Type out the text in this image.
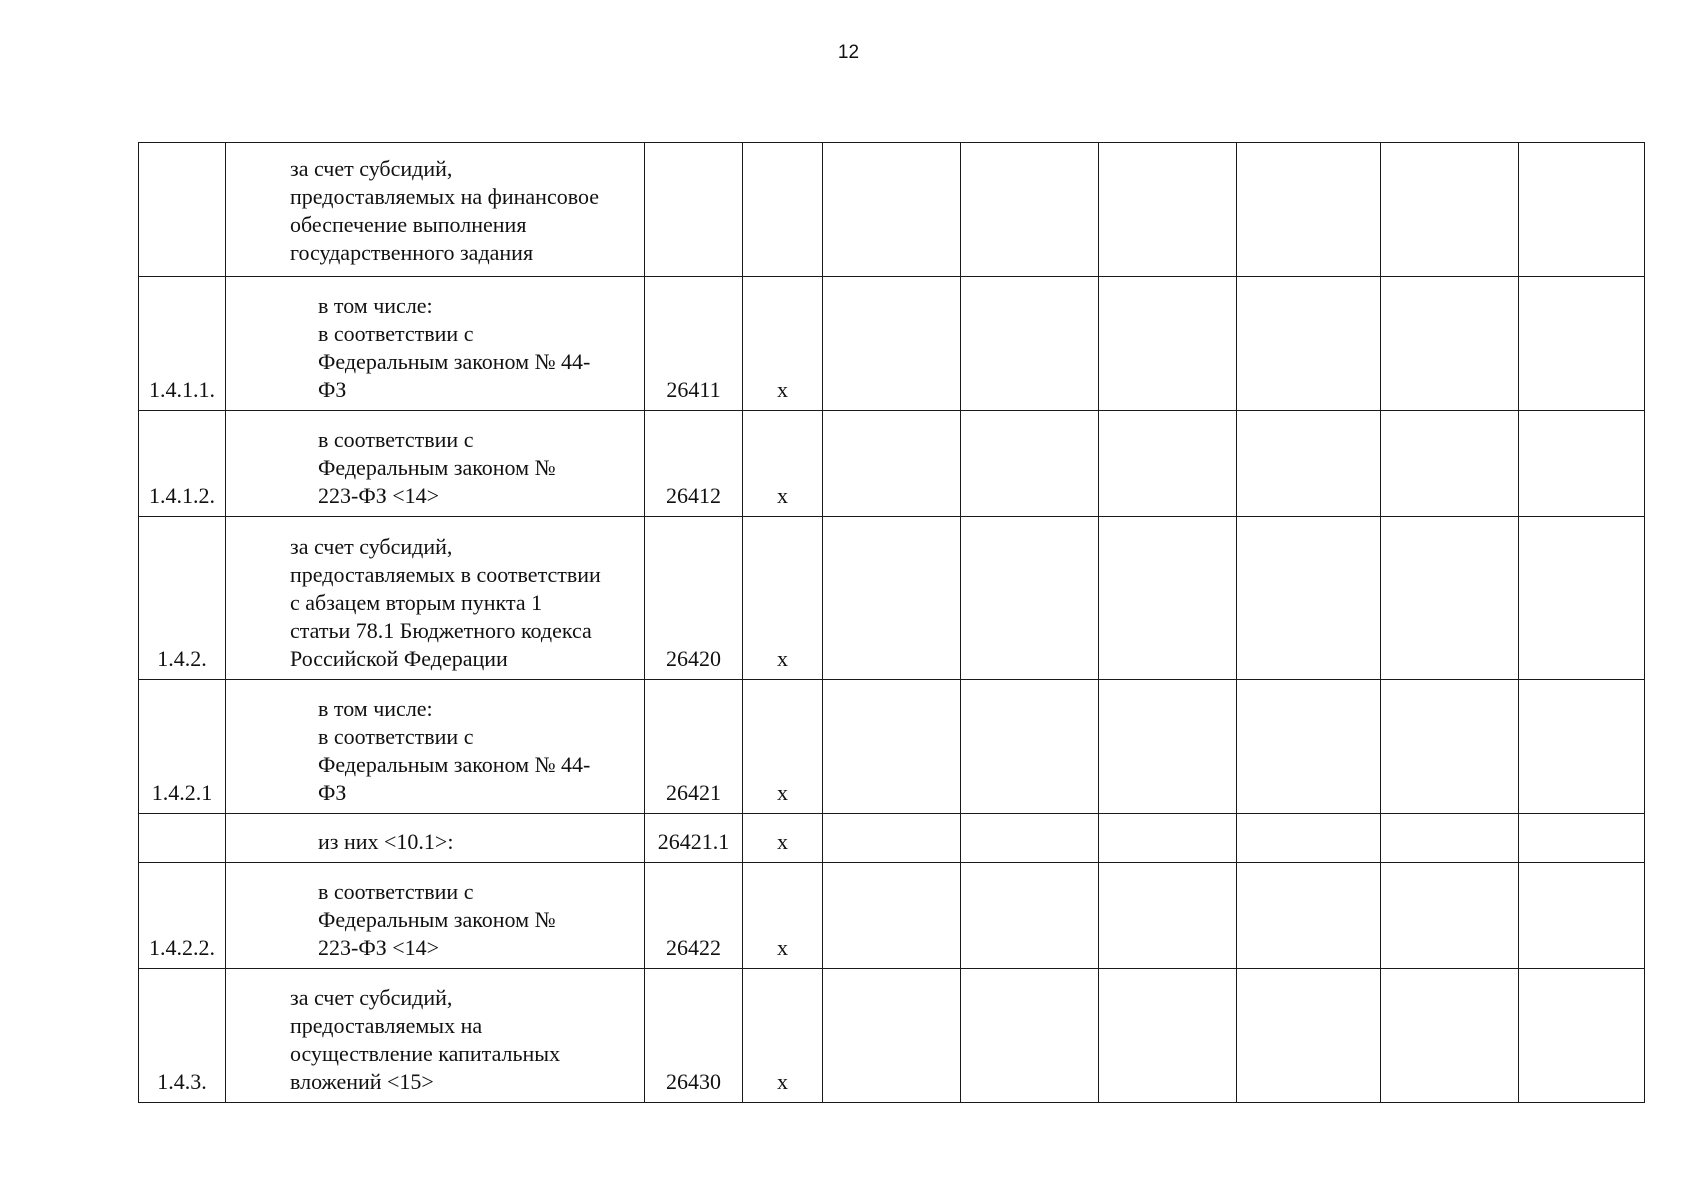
12

	за счет субсидий,
предоставляемых на финансовое
обеспечение выполнения
государственного задания								

1.4.1.1.	в том числе:
в соответствии с
Федеральным законом № 44-
ФЗ	26411	x						
1.4.1.2.	в соответствии с
Федеральным законом №
223-ФЗ <14>	26412	x						
1.4.2.	за счет субсидий,
предоставляемых в соответствии
с абзацем вторым пункта 1
статьи 78.1 Бюджетного кодекса
Российской Федерации	26420	x						
1.4.2.1	в том числе:
в соответствии с
Федеральным законом № 44-
ФЗ	26421	x						

	из них <10.1>:	26421.1	x						
1.4.2.2.	в соответствии с
Федеральным законом №
223-ФЗ <14>	26422	x						
1.4.3.	за счет субсидий,
предоставляемых на
осуществление капитальных
вложений <15>	26430	x						
